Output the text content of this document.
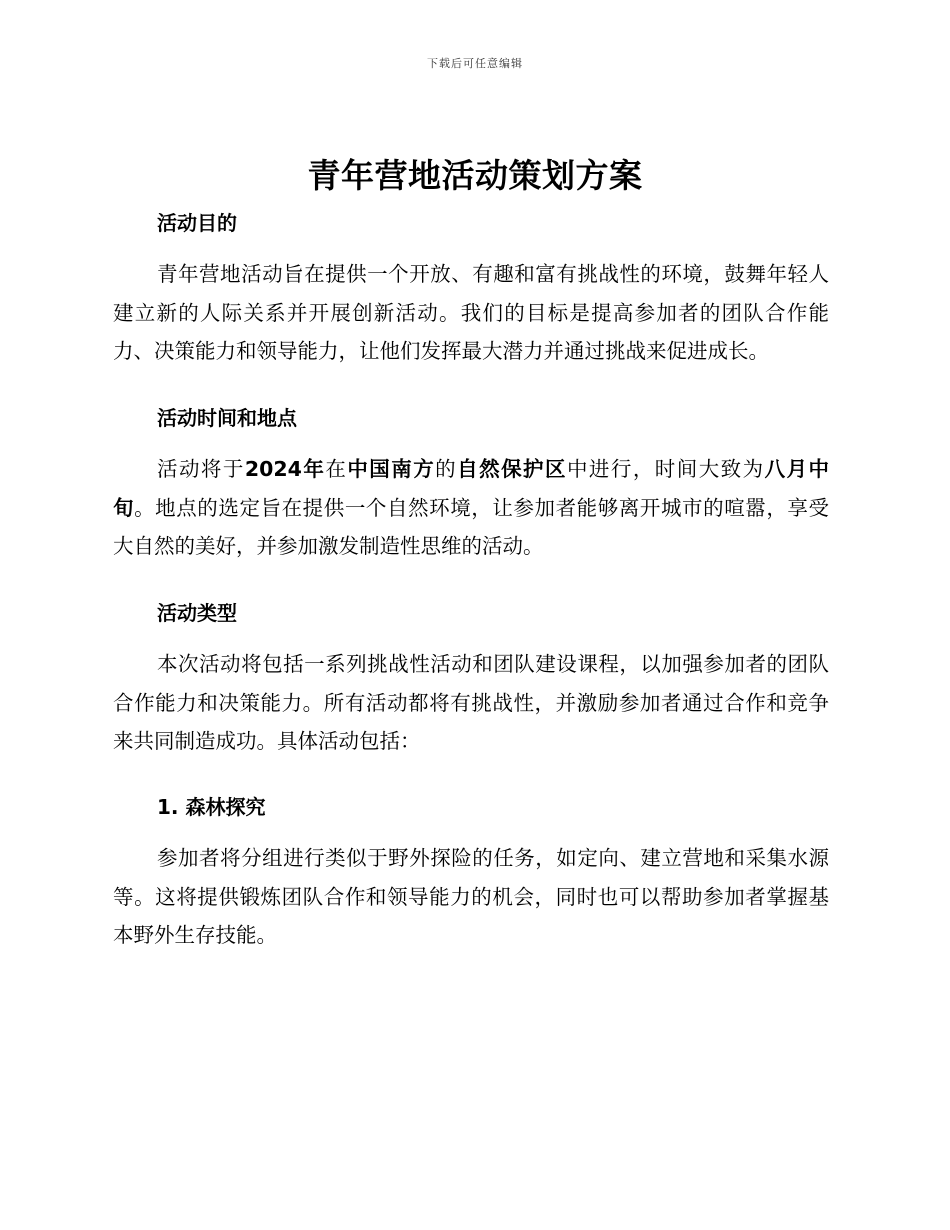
下载后可任意编辑
青年营地活动策划方案
活动目的
青年营地活动旨在提供一个开放、有趣和富有挑战性的环境，鼓舞年轻人建立新的人际关系并开展创新活动。我们的目标是提高参加者的团队合作能力、决策能力和领导能力，让他们发挥最大潜力并通过挑战来促进成长。
活动时间和地点
活动将于2024年在中国南方的自然保护区中进行，时间大致为八月中旬。地点的选定旨在提供一个自然环境，让参加者能够离开城市的喧嚣，享受大自然的美好，并参加激发制造性思维的活动。
活动类型
本次活动将包括一系列挑战性活动和团队建设课程，以加强参加者的团队合作能力和决策能力。所有活动都将有挑战性，并激励参加者通过合作和竞争来共同制造成功。具体活动包括：
1. 森林探究
参加者将分组进行类似于野外探险的任务，如定向、建立营地和采集水源等。这将提供锻炼团队合作和领导能力的机会，同时也可以帮助参加者掌握基本野外生存技能。
